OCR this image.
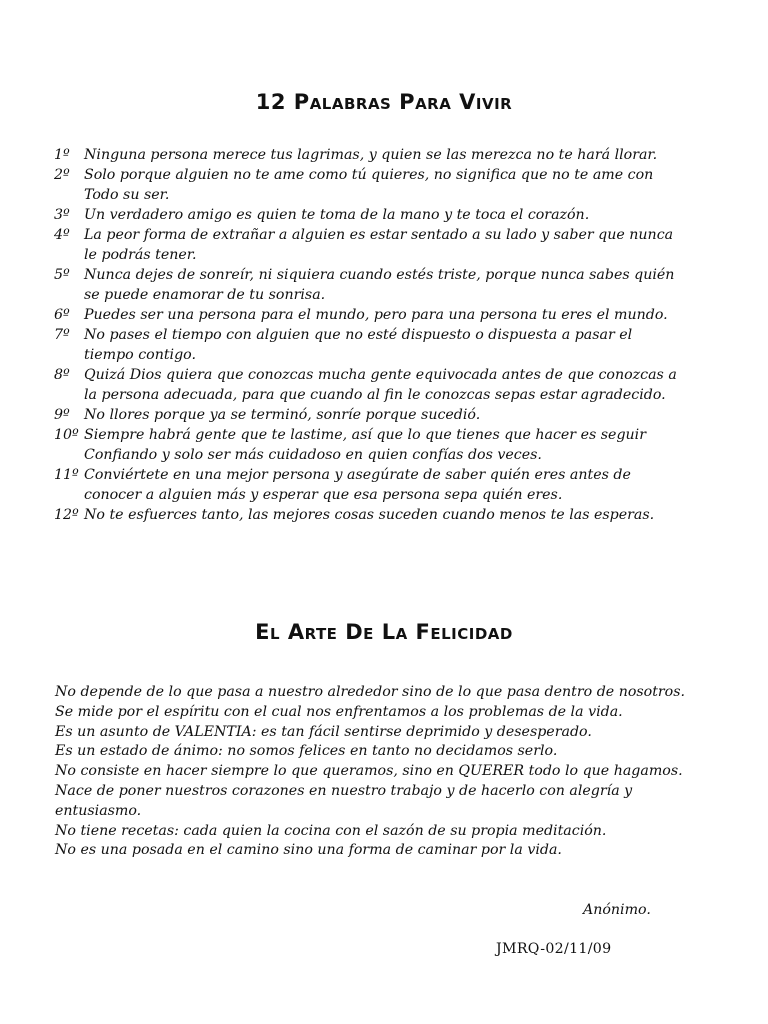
12 Palabras Para Vivir
1º	Ninguna persona merece tus lagrimas, y quien se las merezca no te hará llorar.
2º	Solo porque alguien no te ame como tú quieres, no significa que no te ame con
Todo su ser.
3º	Un verdadero amigo es quien te toma de la mano y te toca el corazón.
4º	La peor forma de extrañar a alguien es estar sentado a su lado y saber que nunca
le podrás tener.
5º	Nunca dejes de sonreír, ni siquiera cuando estés triste, porque nunca sabes quién
se puede enamorar de tu sonrisa.
6º	Puedes ser una persona para el mundo, pero para una persona tu eres el mundo.
7º	No pases el tiempo con alguien que no esté dispuesto o dispuesta a pasar el
tiempo contigo.
8º	Quizá Dios quiera que conozcas mucha gente equivocada antes de que conozcas a
la persona adecuada, para que cuando al fin le conozcas sepas estar agradecido.
9º	No llores porque ya se terminó, sonríe porque sucedió.
10º Siempre habrá gente que te lastime, así que lo que tienes que hacer es seguir
Confiando y solo ser más cuidadoso en quien confías dos veces.
11º Conviértete en una mejor persona y asegúrate de saber quién eres antes de
conocer a alguien más y esperar que esa persona sepa quién eres.
12º No te esfuerces tanto, las mejores cosas suceden cuando menos te las esperas.
El Arte De La Felicidad
No depende de lo que pasa a nuestro alrededor sino de lo que pasa dentro de nosotros.
Se mide por el espíritu con el cual nos enfrentamos a los problemas de la vida.
Es un asunto de VALENTIA: es tan fácil sentirse deprimido y desesperado.
Es un estado de ánimo: no somos felices en tanto no decidamos serlo.
No consiste en hacer siempre lo que queramos, sino en QUERER todo lo que hagamos.
Nace de poner nuestros corazones en nuestro trabajo y de hacerlo con alegría y entusiasmo.
No tiene recetas: cada quien la cocina con el sazón de su propia meditación.
No es una posada en el camino sino una forma de caminar por la vida.
Anónimo.
JMRQ-02/11/09
